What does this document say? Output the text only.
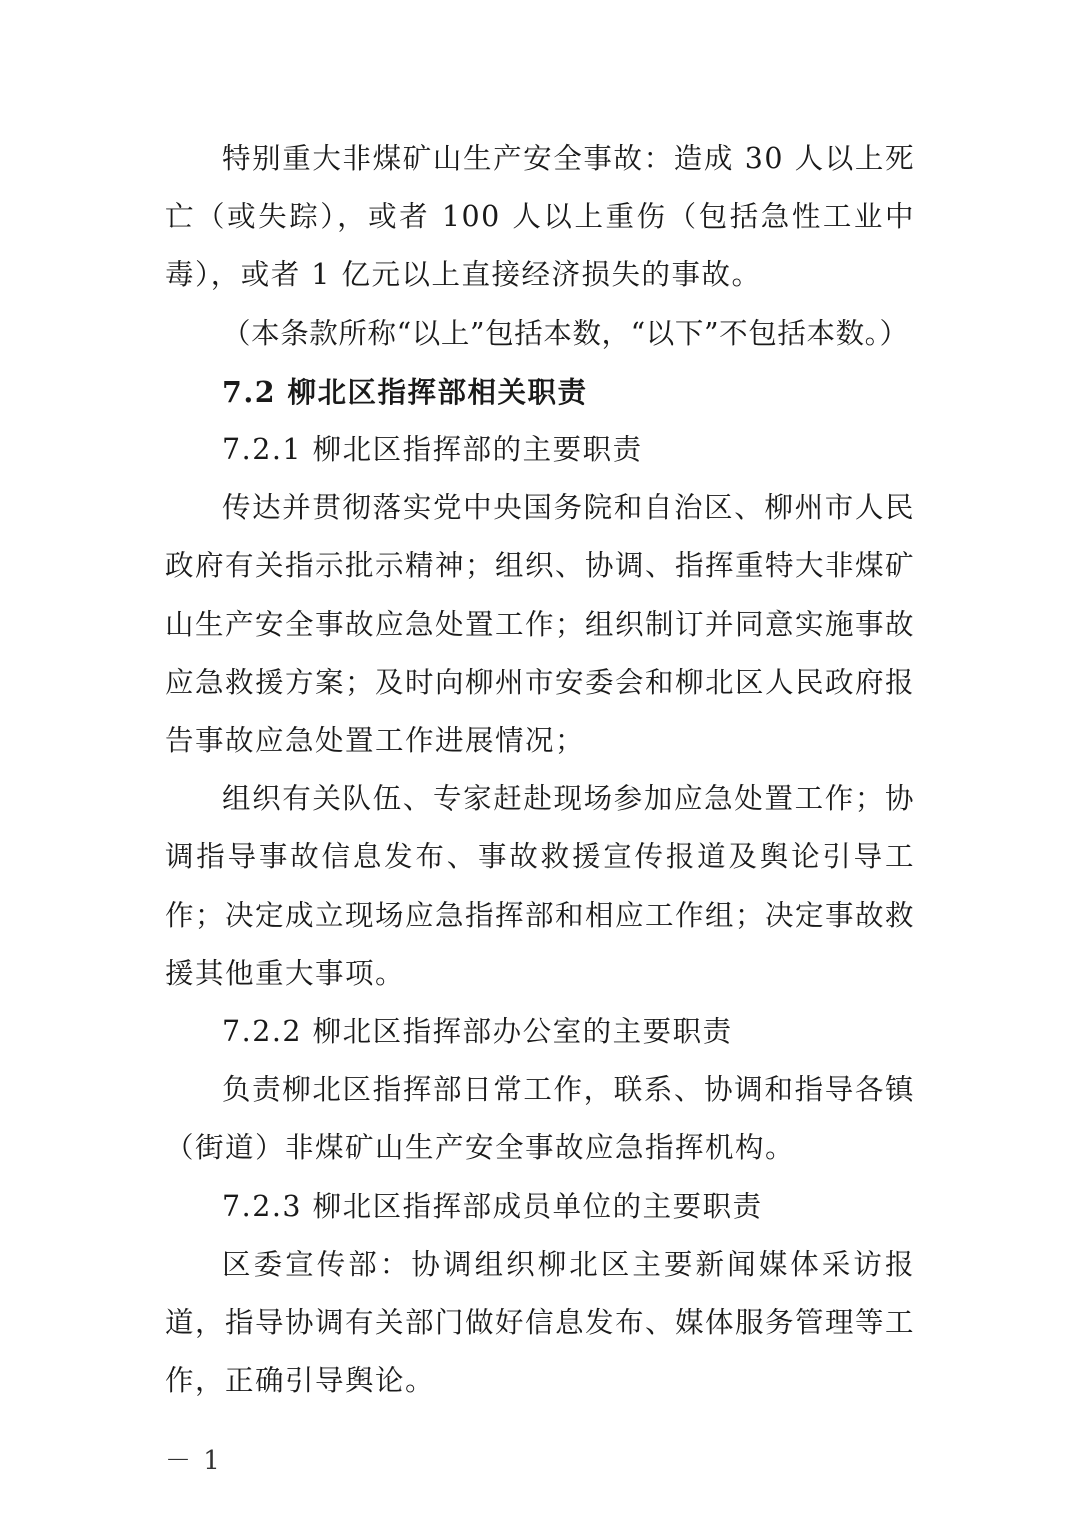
特别重大非煤矿山生产安全事故：造成 30 人以上死亡（或失踪），或者 100 人以上重伤（包括急性工业中毒），或者 1 亿元以上直接经济损失的事故。

（本条款所称“以上”包括本数，“以下”不包括本数。）

7.2 柳北区指挥部相关职责

7.2.1 柳北区指挥部的主要职责

传达并贯彻落实党中央国务院和自治区、柳州市人民政府有关指示批示精神；组织、协调、指挥重特大非煤矿山生产安全事故应急处置工作；组织制订并同意实施事故应急救援方案；及时向柳州市安委会和柳北区人民政府报告事故应急处置工作进展情况；

组织有关队伍、专家赶赴现场参加应急处置工作；协调指导事故信息发布、事故救援宣传报道及舆论引导工作；决定成立现场应急指挥部和相应工作组；决定事故救援其他重大事项。

7.2.2 柳北区指挥部办公室的主要职责

负责柳北区指挥部日常工作，联系、协调和指导各镇（街道）非煤矿山生产安全事故应急指挥机构。

7.2.3 柳北区指挥部成员单位的主要职责

区委宣传部：协调组织柳北区主要新闻媒体采访报道，指导协调有关部门做好信息发布、媒体服务管理等工作，正确引导舆论。

－ 1
